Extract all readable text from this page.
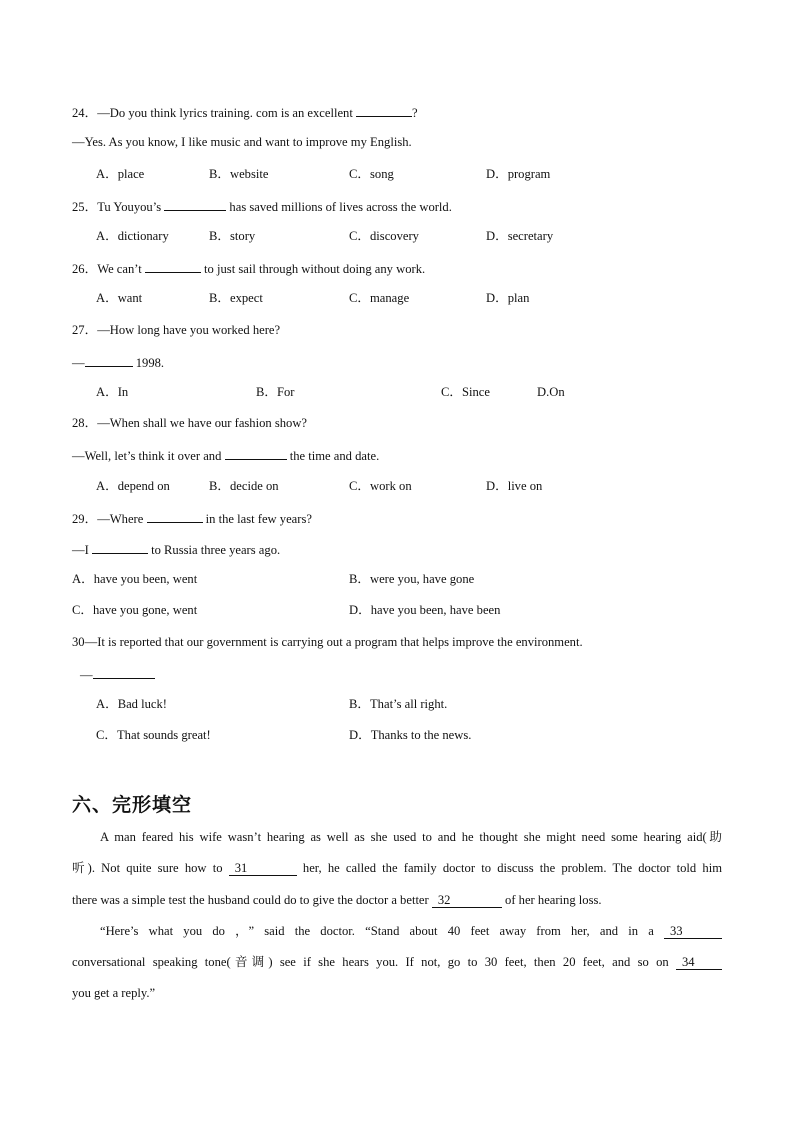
24．—Do you think lyrics training. com is an excellent	?
—Yes. As you know, I like music and want to improve my English.
A．place	B．website	C．song	D．program
25．Tu Youyou’s	has saved millions of lives across the world.
A．dictionary	B．story	C．discovery	D．secretary
26．We can’t	to just sail through without doing any work.
A．want	B．expect	C．manage	D．plan
27．—How long have you worked here?
—	1998.
A．In	B．For	C．Since	D.On
28．—When shall we have our fashion show?
—Well, let’s think it over and	the time and date.
A．depend on	B．decide on	C．work on	D．live on
29．—Where	in the last few years?
—I	to Russia three years ago.
A．have you been, went	B．were you, have gone
C．have you gone, went	D．have you been, have been
30—It is reported that our government is carrying out a program that helps improve the environment.
—
A．Bad luck!	B．That’s all right.
C．That sounds great!	D．Thanks to the news.
六、完形填空
A man feared his wife wasn’t hearing as well as she used to and he thought she might need some hearing aid(助
听). Not quite sure how to 31	her, he called the family doctor to discuss the problem. The doctor told him
there was a simple test the husband could do to give the doctor a better 32	of her hearing loss.
“Here’s what you do ，” said the doctor. “Stand about 40 feet away from her, and in a 33
conversational speaking tone(音调) see if she hears you. If not, go to 30 feet, then 20 feet, and so on 34
you get a reply.”
